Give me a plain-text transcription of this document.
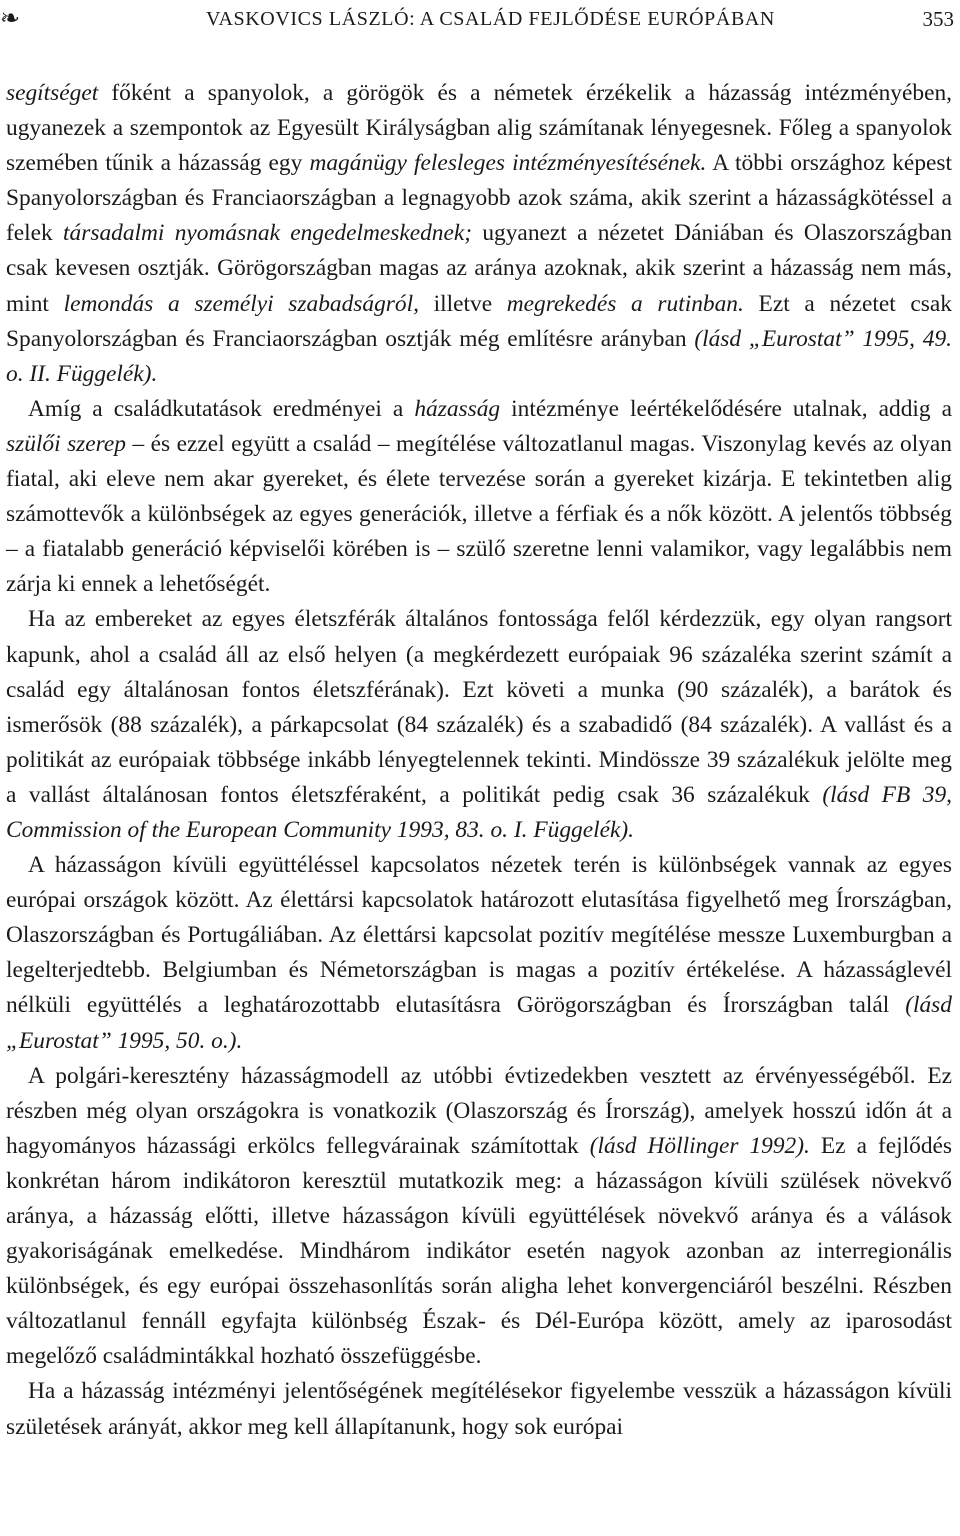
❧	VASKOVICS LÁSZLÓ: A CSALÁD FEJLŐDÉSE EURÓPÁBAN	353

segítséget főként a spanyolok, a görögök és a németek érzékelik a házasság intézményében, ugyanezek a szempontok az Egyesült Királyságban alig számítanak lényegesnek. Főleg a spanyolok szemében tűnik a házasság egy magánügy felesleges intézményesítésének. A többi országhoz képest Spanyolországban és Franciaországban a legnagyobb azok száma, akik szerint a házasságkötéssel a felek társadalmi nyomásnak engedelmeskednek; ugyanezt a nézetet Dániában és Olaszországban csak kevesen osztják. Görögországban magas az aránya azoknak, akik szerint a házasság nem más, mint lemondás a személyi szabadságról, illetve megrekedés a rutinban. Ezt a nézetet csak Spanyolországban és Franciaországban osztják még említésre arányban (lásd „Eurostat” 1995, 49. o. II. Függelék).

Amíg a családkutatások eredményei a házasság intézménye leértékelődésére utalnak, addig a szülői szerep – és ezzel együtt a család – megítélése változatlanul magas. Viszonylag kevés az olyan fiatal, aki eleve nem akar gyereket, és élete tervezése során a gyereket kizárja. E tekintetben alig számottevők a különbségek az egyes generációk, illetve a férfiak és a nők között. A jelentős többség – a fiatalabb generáció képviselői körében is – szülő szeretne lenni valamikor, vagy legalábbis nem zárja ki ennek a lehetőségét.

Ha az embereket az egyes életszférák általános fontossága felől kérdezzük, egy olyan rangsort kapunk, ahol a család áll az első helyen (a megkérdezett európaiak 96 százaléka szerint számít a család egy általánosan fontos életszférának). Ezt követi a munka (90 százalék), a barátok és ismerősök (88 százalék), a párkapcsolat (84 százalék) és a szabadidő (84 százalék). A vallást és a politikát az európaiak többsége inkább lényegtelennek tekinti. Mindössze 39 százalékuk jelölte meg a vallást általánosan fontos életszféraként, a politikát pedig csak 36 százalékuk (lásd FB 39, Commission of the European Community 1993, 83. o. I. Függelék).

A házasságon kívüli együttéléssel kapcsolatos nézetek terén is különbségek vannak az egyes európai országok között. Az élettársi kapcsolatok határozott elutasítása figyelhető meg Írországban, Olaszországban és Portugáliában. Az élettársi kapcsolat pozitív megítélése messze Luxemburgban a legelterjedtebb. Belgiumban és Németországban is magas a pozitív értékelése. A házasságlevél nélküli együttélés a leghatározottabb elutasításra Görögországban és Írországban talál (lásd „Eurostat” 1995, 50. o.).

A polgári-keresztény házasságmodell az utóbbi évtizedekben vesztett az érvényességéből. Ez részben még olyan országokra is vonatkozik (Olaszország és Írország), amelyek hosszú időn át a hagyományos házassági erkölcs fellegvárainak számítottak (lásd Höllinger 1992). Ez a fejlődés konkrétan három indikátoron keresztül mutatkozik meg: a házasságon kívüli szülések növekvő aránya, a házasság előtti, illetve házasságon kívüli együttélések növekvő aránya és a válások gyakoriságának emelkedése. Mindhárom indikátor esetén nagyok azonban az interregionális különbségek, és egy európai összehasonlítás során aligha lehet konvergenciáról beszélni. Részben változatlanul fennáll egyfajta különbség Észak- és Dél-Európa között, amely az iparosodást megelőző családmintákkal hozható összefüggésbe.

Ha a házasság intézményi jelentőségének megítélésekor figyelembe vesszük a házasságon kívüli születések arányát, akkor meg kell állapítanunk, hogy sok európai
